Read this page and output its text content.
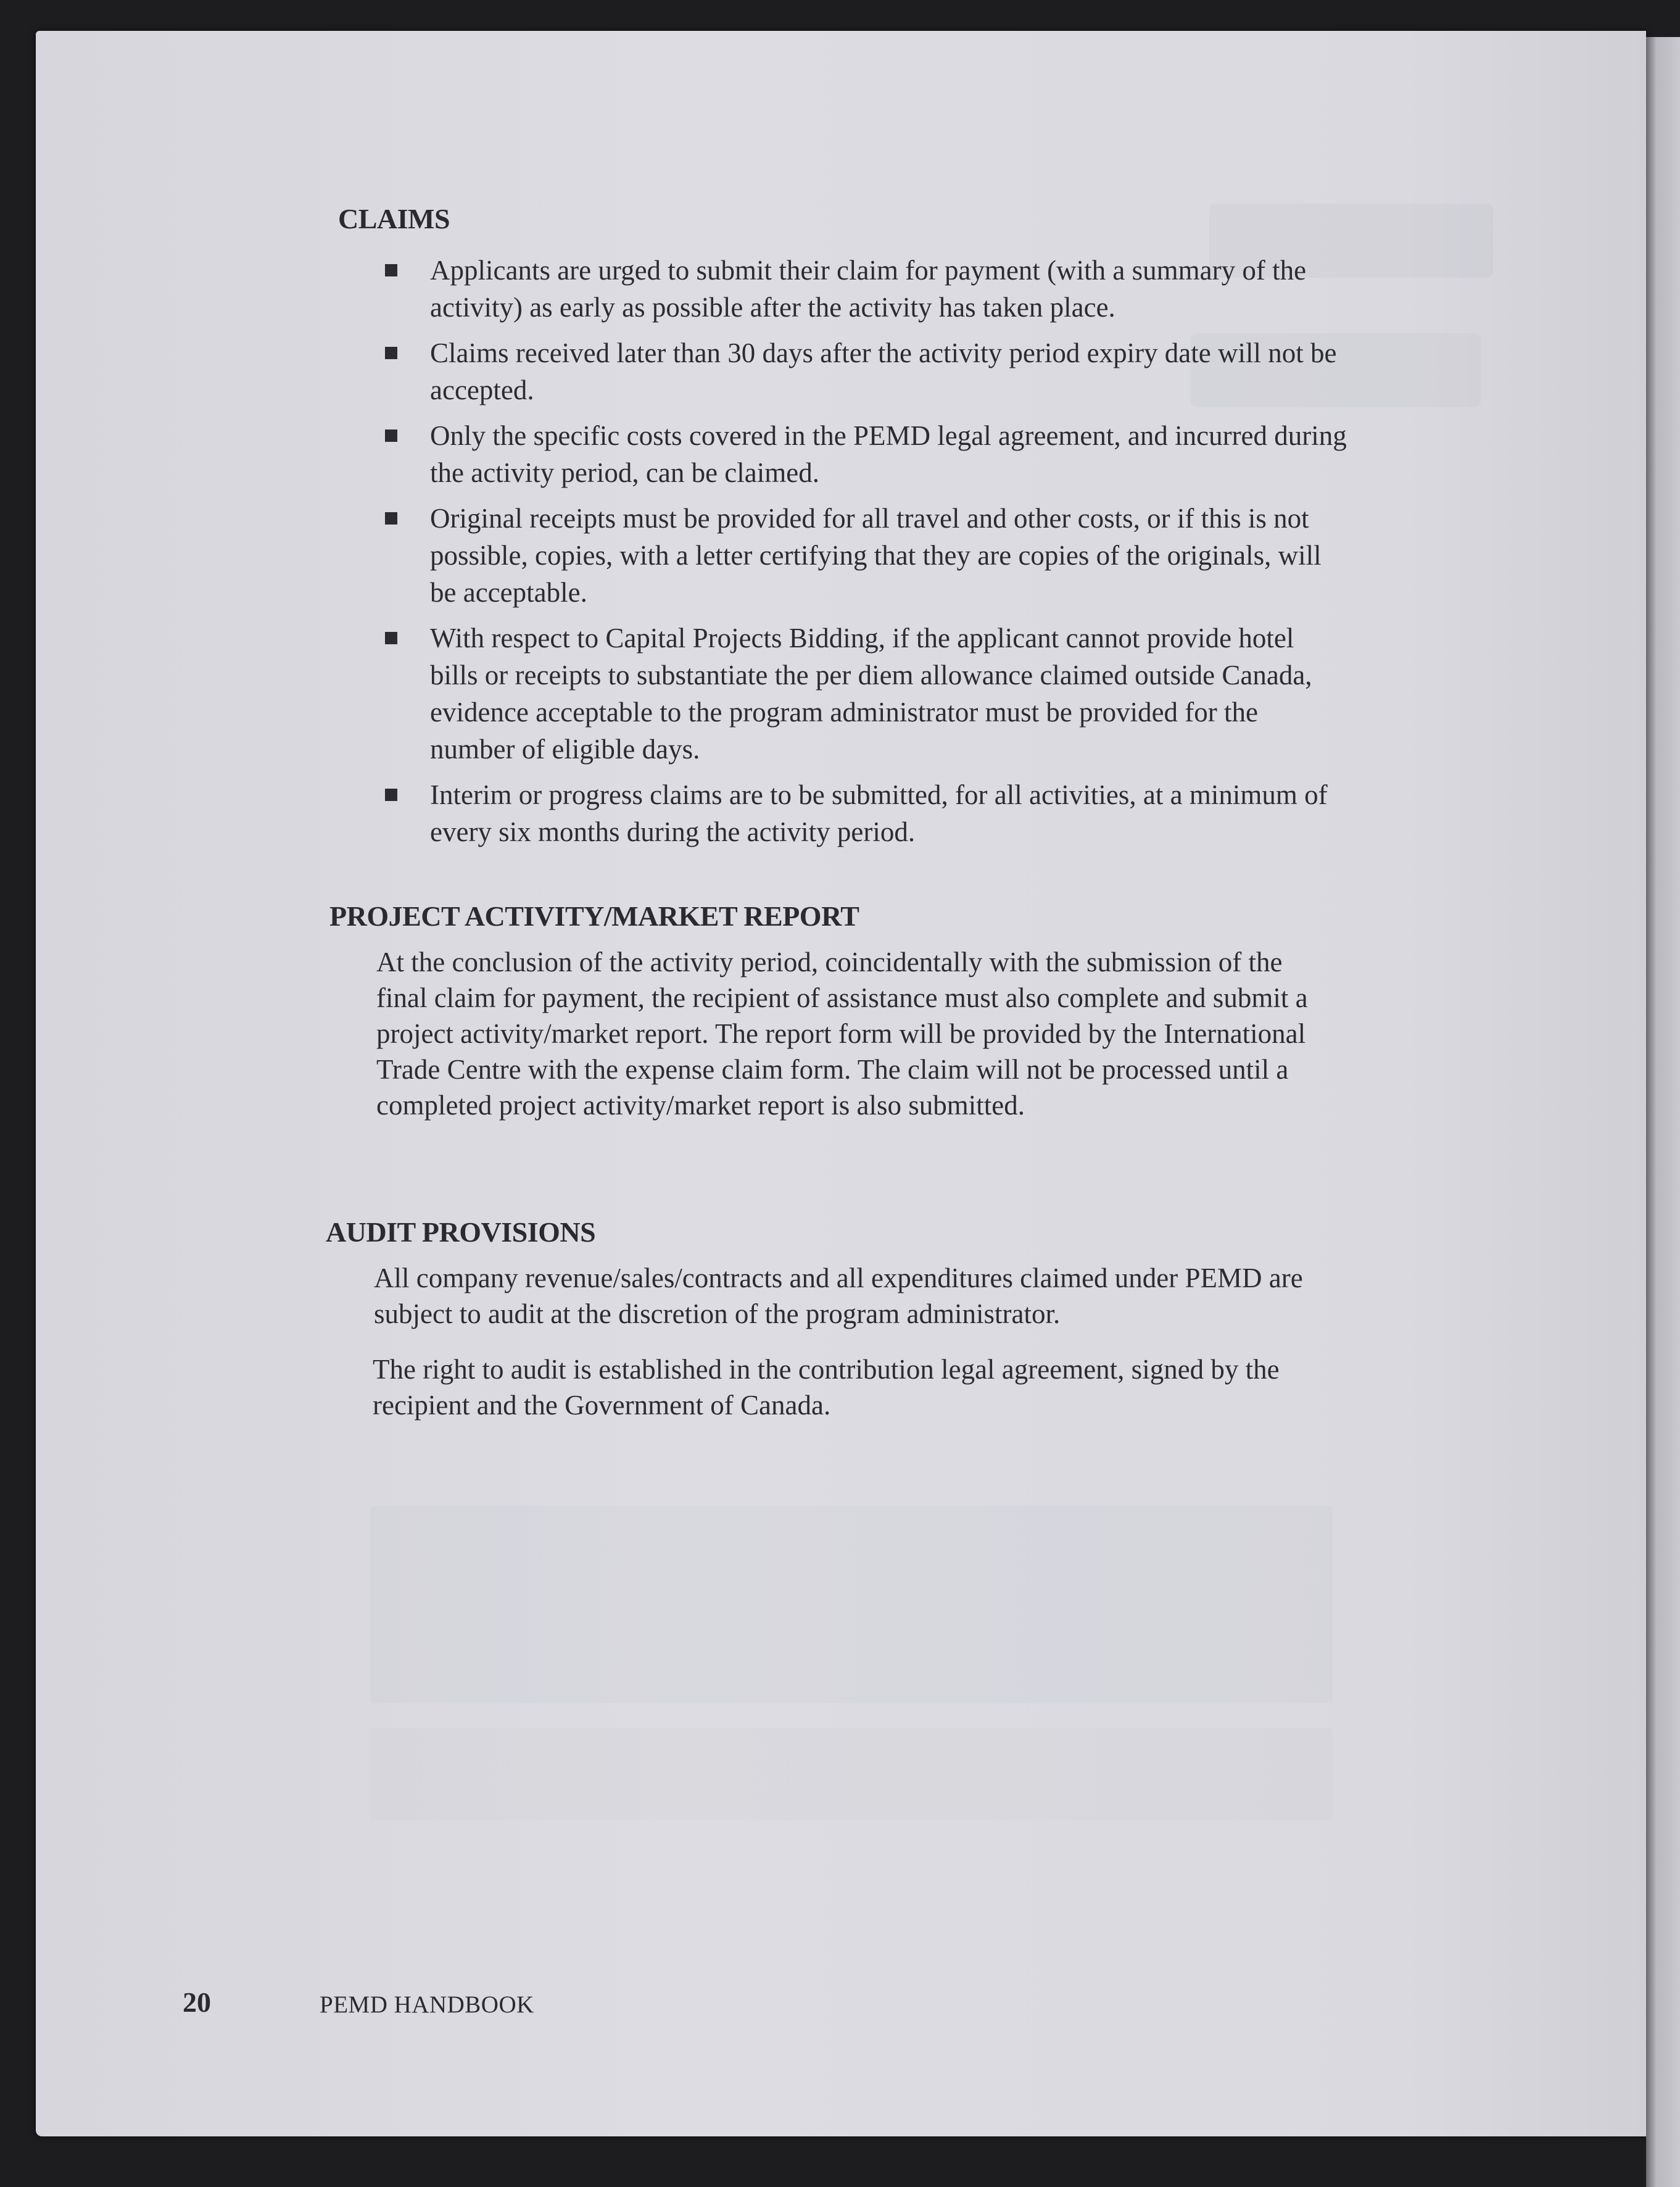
CLAIMS
Applicants are urged to submit their claim for payment (with a summary of the activity) as early as possible after the activity has taken place.
Claims received later than 30 days after the activity period expiry date will not be accepted.
Only the specific costs covered in the PEMD legal agreement, and incurred during the activity period, can be claimed.
Original receipts must be provided for all travel and other costs, or if this is not possible, copies, with a letter certifying that they are copies of the originals, will be acceptable.
With respect to Capital Projects Bidding, if the applicant cannot provide hotel bills or receipts to substantiate the per diem allowance claimed outside Canada, evidence acceptable to the program administrator must be provided for the number of eligible days.
Interim or progress claims are to be submitted, for all activities, at a minimum of every six months during the activity period.
PROJECT ACTIVITY/MARKET REPORT

At the conclusion of the activity period, coincidentally with the submission of the final claim for payment, the recipient of assistance must also complete and submit a project activity/market report. The report form will be provided by the International Trade Centre with the expense claim form. The claim will not be processed until a completed project activity/market report is also submitted.

AUDIT PROVISIONS

All company revenue/sales/contracts and all expenditures claimed under PEMD are subject to audit at the discretion of the program administrator.

The right to audit is established in the contribution legal agreement, signed by the recipient and the Government of Canada.

20	PEMD HANDBOOK
